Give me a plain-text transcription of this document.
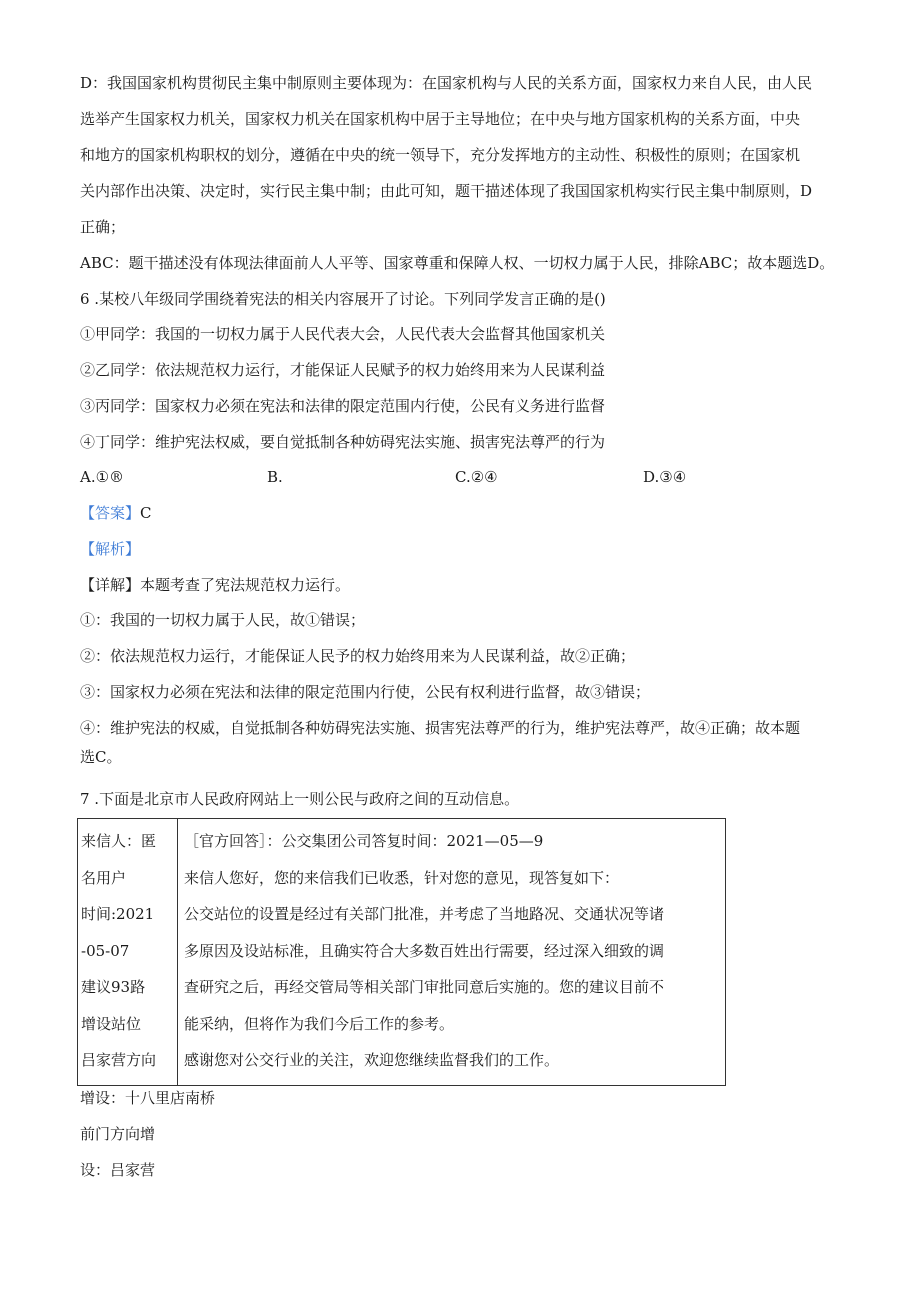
D：我国国家机构贯彻民主集中制原则主要体现为：在国家机构与人民的关系方面，国家权力来自人民，由人民
选举产生国家权力机关，国家权力机关在国家机构中居于主导地位；在中央与地方国家机构的关系方面，中央
和地方的国家机构职权的划分，遵循在中央的统一领导下，充分发挥地方的主动性、积极性的原则；在国家机
关内部作出决策、决定时，实行民主集中制；由此可知，题干描述体现了我国国家机构实行民主集中制原则，D
正确；
ABC：题干描述没有体现法律面前人人平等、国家尊重和保障人权、一切权力属于人民，排除ABC；故本题选D。
6 .某校八年级同学围绕着宪法的相关内容展开了讨论。下列同学发言正确的是()
①甲同学：我国的一切权力属于人民代表大会，人民代表大会监督其他国家机关
②乙同学：依法规范权力运行，才能保证人民赋予的权力始终用来为人民谋利益
③丙同学：国家权力必须在宪法和法律的限定范围内行使，公民有义务进行监督
④丁同学：维护宪法权威，要自觉抵制各种妨碍宪法实施、损害宪法尊严的行为
A.①®	B.	C.②④	D.③④
【答案】C
【解析】
【详解】本题考查了宪法规范权力运行。
①：我国的一切权力属于人民，故①错误；
②：依法规范权力运行，才能保证人民予的权力始终用来为人民谋利益，故②正确；
③：国家权力必须在宪法和法律的限定范围内行使，公民有权利进行监督，故③错误；
④：维护宪法的权威，自觉抵制各种妨碍宪法实施、损害宪法尊严的行为，维护宪法尊严，故④正确；故本题
选C。
7 .下面是北京市人民政府网站上一则公民与政府之间的互动信息。
来信人：匿
名用户
时间:2021
-05-07
建议93路
增设站位
吕家营方向

［官方回答］：公交集团公司答复时间：2021—05—9
来信人您好，您的来信我们已收悉，针对您的意见，现答复如下：
公交站位的设置是经过有关部门批准，并考虑了当地路况、交通状况等诸
多原因及设站标准，且确实符合大多数百姓出行需要，经过深入细致的调
查研究之后，再经交管局等相关部门审批同意后实施的。您的建议目前不
能采纳，但将作为我们今后工作的参考。
感谢您对公交行业的关注，欢迎您继续监督我们的工作。
增设：十八里店南桥
前门方向增
设：吕家营
